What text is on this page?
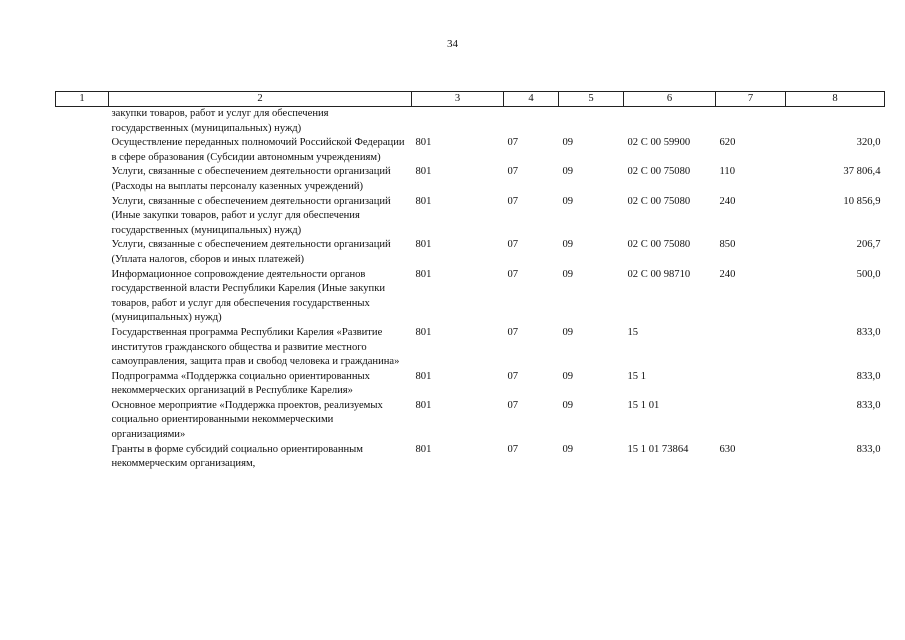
34
1	2	3	4	5	6	7	8
	закупки товаров, работ и услуг для обеспечения государственных (муниципальных) нужд)						
	Осуществление переданных полномочий Российской Федерации в сфере образования (Субсидии автономным учреждениям)	801	07	09	02 С 00 59900	620	320,0
	Услуги, связанные с обеспечением деятельности организаций (Расходы на выплаты персоналу казенных учреждений)	801	07	09	02 С 00 75080	110	37 806,4
	Услуги, связанные с обеспечением деятельности организаций (Иные закупки товаров, работ и услуг для обеспечения государственных (муниципальных) нужд)	801	07	09	02 С 00 75080	240	10 856,9
	Услуги, связанные с обеспечением деятельности организаций (Уплата налогов, сборов и иных платежей)	801	07	09	02 С 00 75080	850	206,7
	Информационное сопровождение деятельности органов государственной власти Республики Карелия (Иные закупки товаров, работ и услуг для обеспечения государственных (муниципальных) нужд)	801	07	09	02 С 00 98710	240	500,0
	Государственная программа Республики Карелия «Развитие институтов гражданского общества и развитие местного самоуправления, защита прав и свобод человека и гражданина»	801	07	09	15		833,0
	Подпрограмма «Поддержка социально ориентированных некоммерческих организаций в Республике Карелия»	801	07	09	15 1		833,0
	Основное мероприятие «Поддержка проектов, реализуемых социально ориентированными некоммерческими организациями»	801	07	09	15 1 01		833,0
	Гранты в форме субсидий социально ориентированным некоммерческим организациям,	801	07	09	15 1 01 73864	630	833,0
